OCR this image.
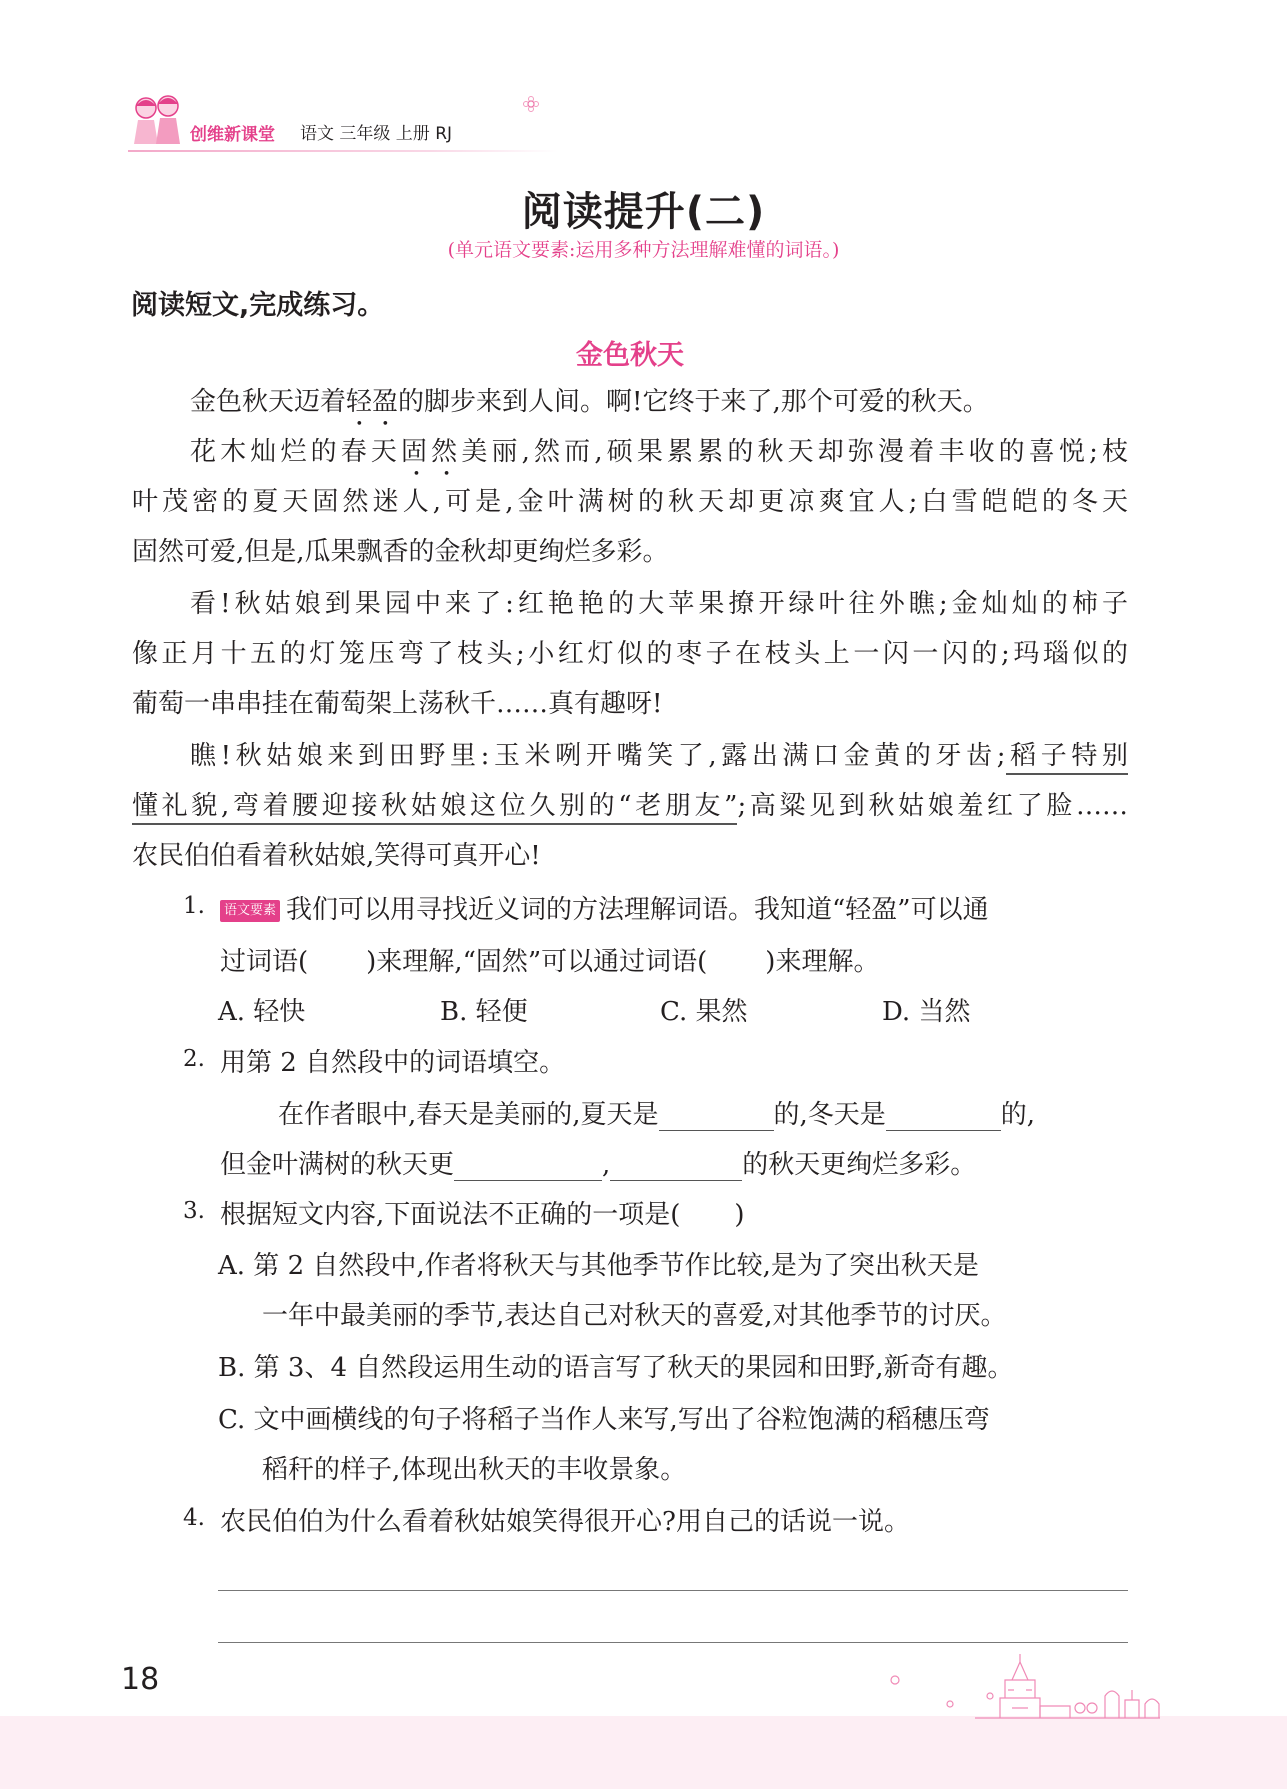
创维新课堂 语文 三年级 上册 RJ
阅读提升(二)
(单元语文要素:运用多种方法理解难懂的词语。)
阅读短文,完成练习。
金色秋天
金色秋天迈着轻盈的脚步来到人间。啊!它终于来了,那个可爱的秋天。
花木灿烂的春天固然美丽,然而,硕果累累的秋天却弥漫着丰收的喜悦;枝
叶茂密的夏天固然迷人,可是,金叶满树的秋天却更凉爽宜人;白雪皑皑的冬天
固然可爱,但是,瓜果飘香的金秋却更绚烂多彩。
看!秋姑娘到果园中来了:红艳艳的大苹果撩开绿叶往外瞧;金灿灿的柿子
像正月十五的灯笼压弯了枝头;小红灯似的枣子在枝头上一闪一闪的;玛瑙似的
葡萄一串串挂在葡萄架上荡秋千……真有趣呀!
瞧!秋姑娘来到田野里:玉米咧开嘴笑了,露出满口金黄的牙齿;稻子特别
懂礼貌,弯着腰迎接秋姑娘这位久别的“老朋友”;高粱见到秋姑娘羞红了脸……
农民伯伯看着秋姑娘,笑得可真开心!
1.	语文要素 我们可以用寻找近义词的方法理解词语。我知道“轻盈”可以通
过词语( )来理解,“固然”可以通过词语( )来理解。
A. 轻快	B. 轻便	C. 果然	D. 当然
2. 用第 2 自然段中的词语填空。
在作者眼中,春天是美丽的,夏天是	的,冬天是	的,
但金叶满树的秋天更	,	的秋天更绚烂多彩。
3. 根据短文内容,下面说法不正确的一项是( )
A. 第 2 自然段中,作者将秋天与其他季节作比较,是为了突出秋天是
一年中最美丽的季节,表达自己对秋天的喜爱,对其他季节的讨厌。
B. 第 3、4 自然段运用生动的语言写了秋天的果园和田野,新奇有趣。
C. 文中画横线的句子将稻子当作人来写,写出了谷粒饱满的稻穗压弯
稻秆的样子,体现出秋天的丰收景象。
4. 农民伯伯为什么看着秋姑娘笑得很开心?用自己的话说一说。
18
